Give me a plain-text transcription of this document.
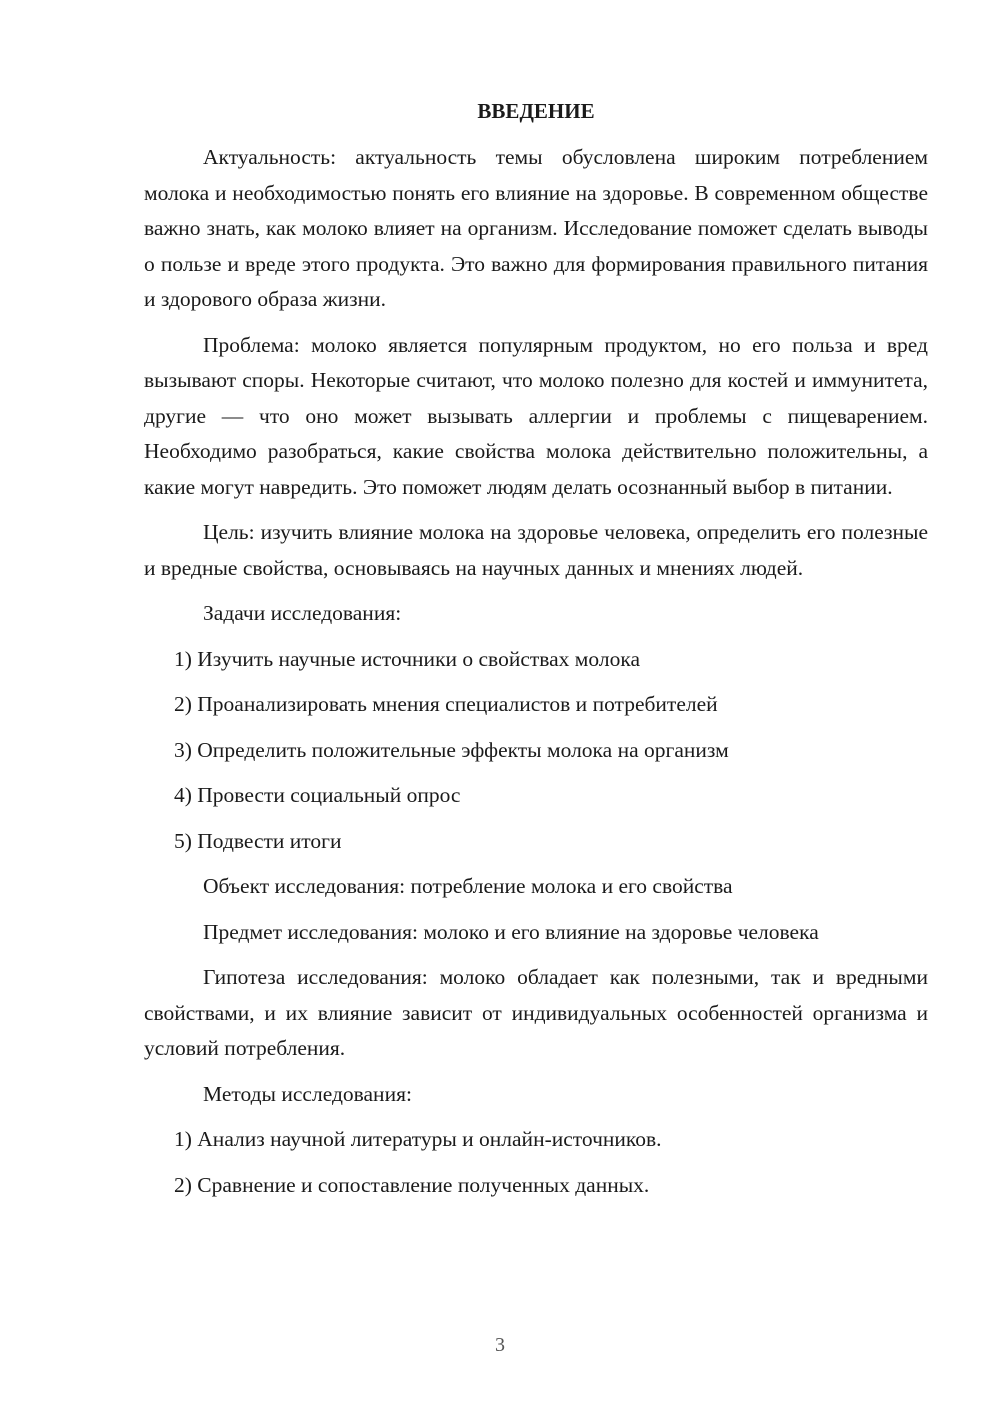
ВВЕДЕНИЕ

Актуальность: актуальность темы обусловлена широким потреблением молока и необходимостью понять его влияние на здоровье. В современном обществе важно знать, как молоко влияет на организм. Исследование поможет сделать выводы о пользе и вреде этого продукта. Это важно для формирования правильного питания и здорового образа жизни.

Проблема: молоко является популярным продуктом, но его польза и вред вызывают споры. Некоторые считают, что молоко полезно для костей и иммунитета, другие — что оно может вызывать аллергии и проблемы с пищеварением. Необходимо разобраться, какие свойства молока действительно положительны, а какие могут навредить. Это поможет людям делать осознанный выбор в питании.

Цель: изучить влияние молока на здоровье человека, определить его полезные и вредные свойства, основываясь на научных данных и мнениях людей.

Задачи исследования:

1) Изучить научные источники о свойствах молока
2) Проанализировать мнения специалистов и потребителей
3) Определить положительные эффекты молока на организм
4) Провести социальный опрос
5) Подвести итоги

Объект исследования: потребление молока и его свойства

Предмет исследования: молоко и его влияние на здоровье человека

Гипотеза исследования: молоко обладает как полезными, так и вредными свойствами, и их влияние зависит от индивидуальных особенностей организма и условий потребления.

Методы исследования:

1) Анализ научной литературы и онлайн-источников.
2) Сравнение и сопоставление полученных данных.
3
